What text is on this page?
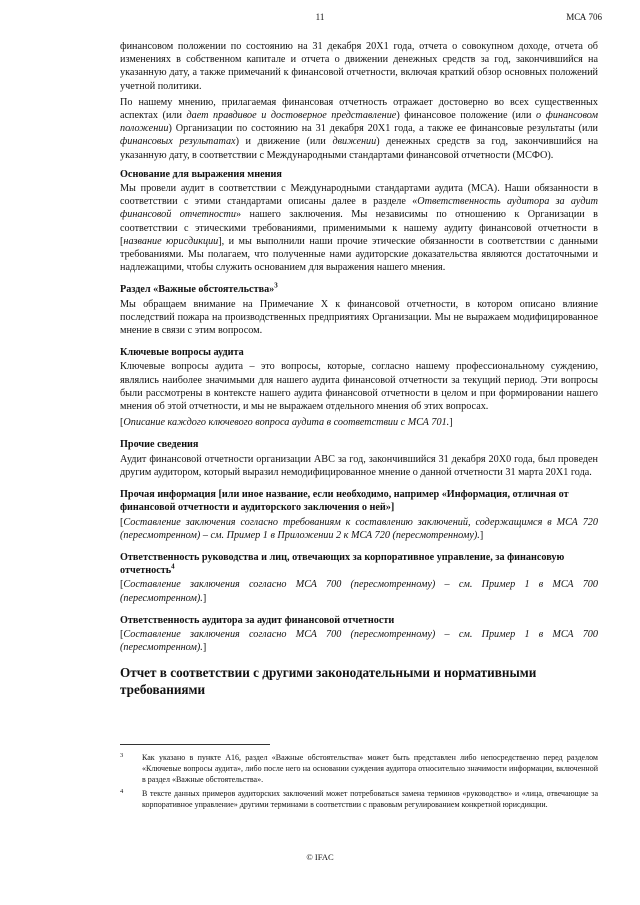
11	МСА 706

финансовом положении по состоянию на 31 декабря 20Х1 года, отчета о совокупном доходе, отчета об изменениях в собственном капитале и отчета о движении денежных средств за год, закончившийся на указанную дату, а также примечаний к финансовой отчетности, включая краткий обзор основных положений учетной политики.

По нашему мнению, прилагаемая финансовая отчетность отражает достоверно во всех существенных аспектах (или дает правдивое и достоверное представление) финансовое положение (или о финансовом положении) Организации по состоянию на 31 декабря 20Х1 года, а также ее финансовые результаты (или финансовых результатах) и движение (или движении) денежных средств за год, закончившийся на указанную дату, в соответствии с Международными стандартами финансовой отчетности (МСФО).

Основание для выражения мнения

Мы провели аудит в соответствии с Международными стандартами аудита (МСА). Наши обязанности в соответствии с этими стандартами описаны далее в разделе «Ответственность аудитора за аудит финансовой отчетности» нашего заключения. Мы независимы по отношению к Организации в соответствии с этическими требованиями, применимыми к нашему аудиту финансовой отчетности в [название юрисдикции], и мы выполнили наши прочие этические обязанности в соответствии с данными требованиями. Мы полагаем, что полученные нами аудиторские доказательства являются достаточными и надлежащими, чтобы служить основанием для выражения нашего мнения.

Раздел «Важные обстоятельства»$^3$

Мы обращаем внимание на Примечание X к финансовой отчетности, в котором описано влияние последствий пожара на производственных предприятиях Организации. Мы не выражаем модифицированное мнение в связи с этим вопросом.

Ключевые вопросы аудита

Ключевые вопросы аудита – это вопросы, которые, согласно нашему профессиональному суждению, являлись наиболее значимыми для нашего аудита финансовой отчетности за текущий период. Эти вопросы были рассмотрены в контексте нашего аудита финансовой отчетности в целом и при формировании нашего мнения об этой отчетности, и мы не выражаем отдельного мнения об этих вопросах.

[Описание каждого ключевого вопроса аудита в соответствии с МСА 701.]

Прочие сведения

Аудит финансовой отчетности организации ABC за год, закончившийся 31 декабря 20Х0 года, был проведен другим аудитором, который выразил немодифицированное мнение о данной отчетности 31 марта 20Х1 года.

Прочая информация [или иное название, если необходимо, например «Информация, отличная от финансовой отчетности и аудиторского заключения о ней»]

[Составление заключения согласно требованиям к составлению заключений, содержащимся в МСА 720 (пересмотренном) – см. Пример 1 в Приложении 2 к МСА 720 (пересмотренному).]

Ответственность руководства и лиц, отвечающих за корпоративное управление, за финансовую отчетность$^4$

[Составление заключения согласно МСА 700 (пересмотренному) – см. Пример 1 в МСА 700 (пересмотренном).]

Ответственность аудитора за аудит финансовой отчетности

[Составление заключения согласно МСА 700 (пересмотренному) – см. Пример 1 в МСА 700 (пересмотренном).]

Отчет в соответствии с другими законодательными и нормативными требованиями
3 Как указано в пункте А16, раздел «Важные обстоятельства» может быть представлен либо непосредственно перед разделом «Ключевые вопросы аудита», либо после него на основании суждения аудитора относительно значимости информации, включенной в раздел «Важные обстоятельства».
4 В тексте данных примеров аудиторских заключений может потребоваться замена терминов «руководство» и «лица, отвечающие за корпоративное управление» другими терминами в соответствии с правовым регулированием конкретной юрисдикции.
© IFAC
